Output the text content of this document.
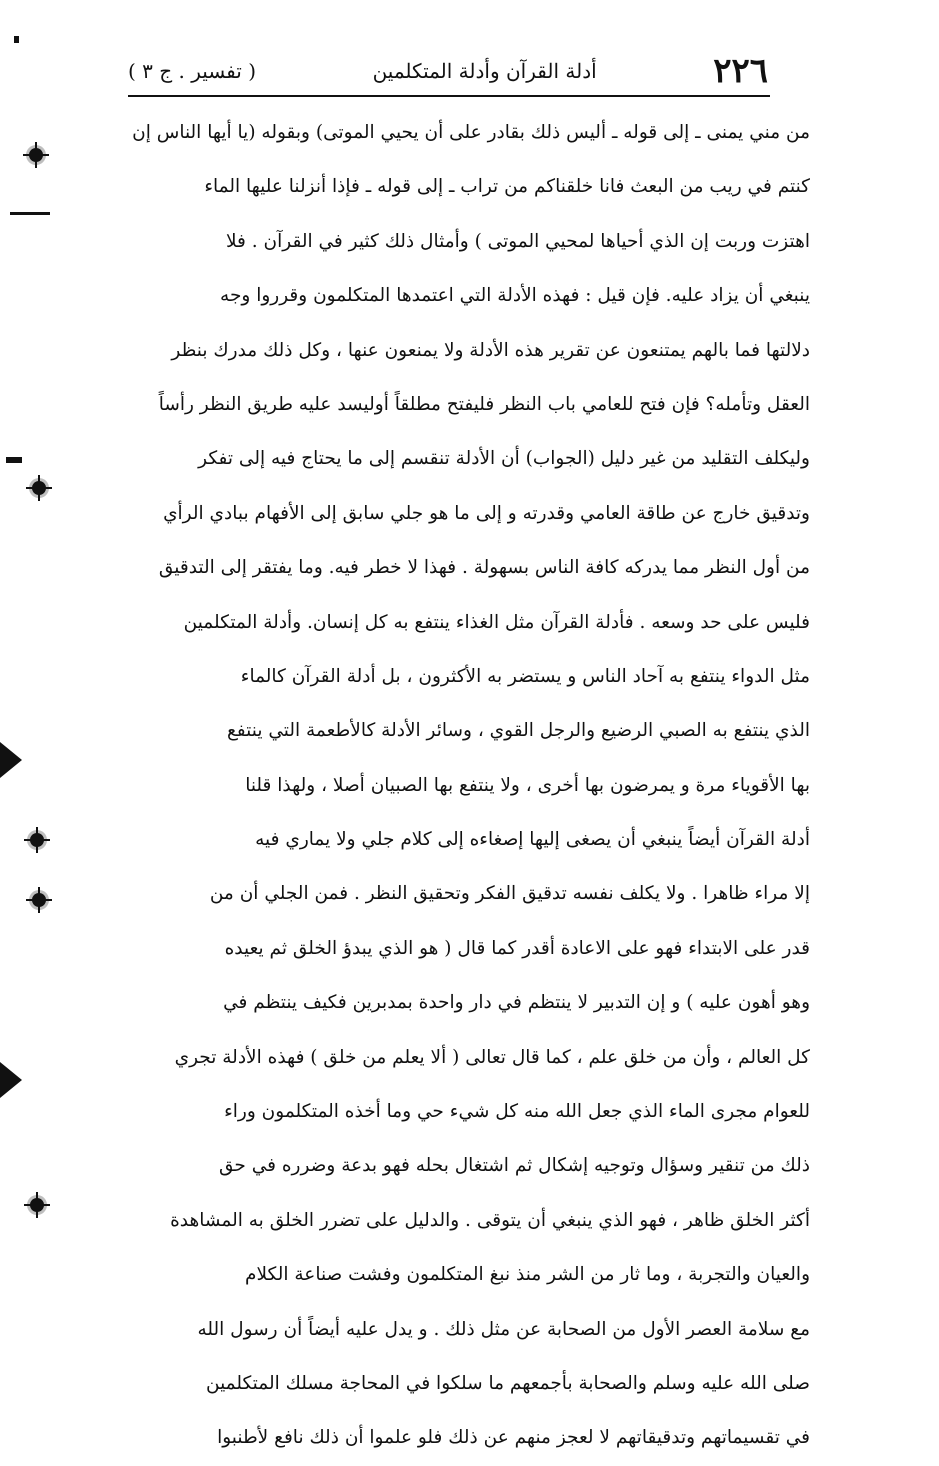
٢٢٦
أدلة القرآن وأدلة المتكلمين
( تفسير . ج ٣ )
من مني يمنى ـ إلى قوله ـ أليس ذلك بقادر على أن يحيي الموتى) وبقوله (يا أيها الناس إن
كنتم في ريب من البعث فانا خلقناكم من تراب ـ إلى قوله ـ فإذا أنزلنا عليها الماء
اهتزت وربت إن الذي أحياها لمحيي الموتى ) وأمثال ذلك كثير في القرآن . فلا
ينبغي أن يزاد عليه. فإن قيل : فهذه الأدلة التي اعتمدها المتكلمون وقرروا وجه
دلالتها فما بالهم يمتنعون عن تقرير هذه الأدلة ولا يمنعون عنها ، وكل ذلك مدرك بنظر
العقل وتأمله؟ فإن فتح للعامي باب النظر فليفتح مطلقاً أوليسد عليه طريق النظر رأساً
وليكلف التقليد من غير دليل (الجواب) أن الأدلة تنقسم إلى ما يحتاج فيه إلى تفكر
وتدقيق خارج عن طاقة العامي وقدرته و إلى ما هو جلي سابق إلى الأفهام ببادي الرأي
من أول النظر مما يدركه كافة الناس بسهولة . فهذا لا خطر فيه. وما يفتقر إلى التدقيق
فليس على حد وسعه . فأدلة القرآن مثل الغذاء ينتفع به كل إنسان. وأدلة المتكلمين
مثل الدواء ينتفع به آحاد الناس و يستضر به الأكثرون ، بل أدلة القرآن كالماء
الذي ينتفع به الصبي الرضيع والرجل القوي ، وسائر الأدلة كالأطعمة التي ينتفع
بها الأقوياء مرة و يمرضون بها أخرى ، ولا ينتفع بها الصبيان أصلا ، ولهذا قلنا
أدلة القرآن أيضاً ينبغي أن يصغى إليها إصغاءه إلى كلام جلي ولا يماري فيه
إلا مراء ظاهرا . ولا يكلف نفسه تدقيق الفكر وتحقيق النظر . فمن الجلي أن من
قدر على الابتداء فهو على الاعادة أقدر كما قال ( هو الذي يبدؤ الخلق ثم يعيده
وهو أهون عليه ) و إن التدبير لا ينتظم في دار واحدة بمدبرين فكيف ينتظم في
كل العالم ، وأن من خلق علم ، كما قال تعالى ( ألا يعلم من خلق ) فهذه الأدلة تجري
للعوام مجرى الماء الذي جعل الله منه كل شيء حي وما أخذه المتكلمون وراء
ذلك من تنقير وسؤال وتوجيه إشكال ثم اشتغال بحله فهو بدعة وضرره في حق
أكثر الخلق ظاهر ، فهو الذي ينبغي أن يتوقى . والدليل على تضرر الخلق به المشاهدة
والعيان والتجربة ، وما ثار من الشر منذ نبغ المتكلمون وفشت صناعة الكلام
مع سلامة العصر الأول من الصحابة عن مثل ذلك . و يدل عليه أيضاً أن رسول الله
صلى الله عليه وسلم والصحابة بأجمعهم ما سلكوا في المحاجة مسلك المتكلمين
في تقسيماتهم وتدقيقاتهم لا لعجز منهم عن ذلك فلو علموا أن ذلك نافع لأطنبوا
